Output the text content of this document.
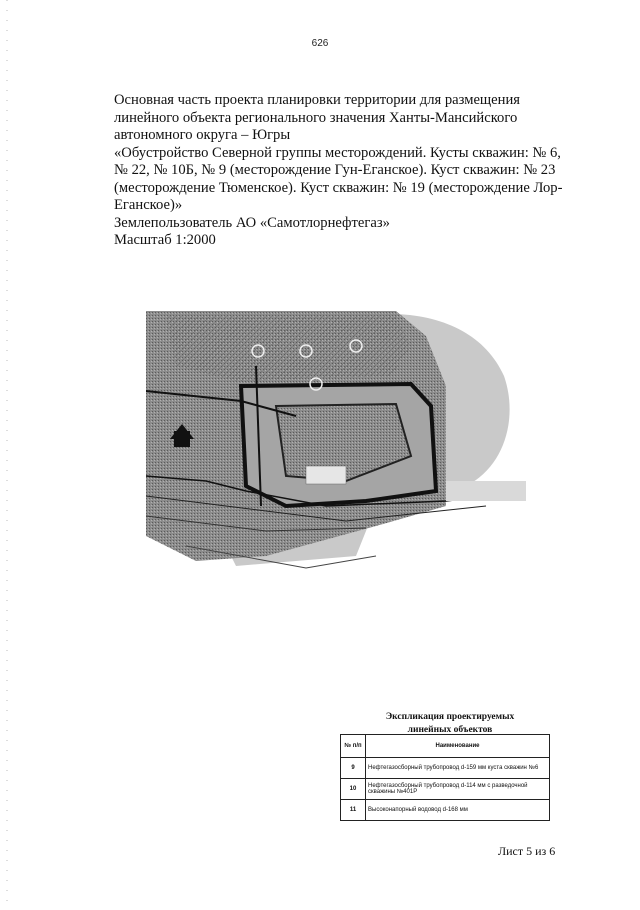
626

Основная часть проекта планировки территории для размещения

линейного объекта регионального значения Ханты-Мансийского

автономного округа – Югры

«Обустройство Северной группы месторождений. Кусты скважин: № 6,

№ 22, № 10Б, № 9 (месторождение Гун-Еганское). Куст скважин: № 23

(месторождение Тюменское). Куст скважин: № 19 (месторождение Лор-

Еганское)»

Землепользователь АО «Самотлорнефтегаз»

Масштаб 1:2000

Экспликация проектируемых
линейных объектов
№ п/п	Наименование
9	Нефтегазосборный трубопровод d-159 мм куста скважин №6
10	Нефтегазосборный трубопровод d-114 мм с разведочной скважины №401Р
11	Высоконапорный водовод d-168 мм
Лист 5 из 6
